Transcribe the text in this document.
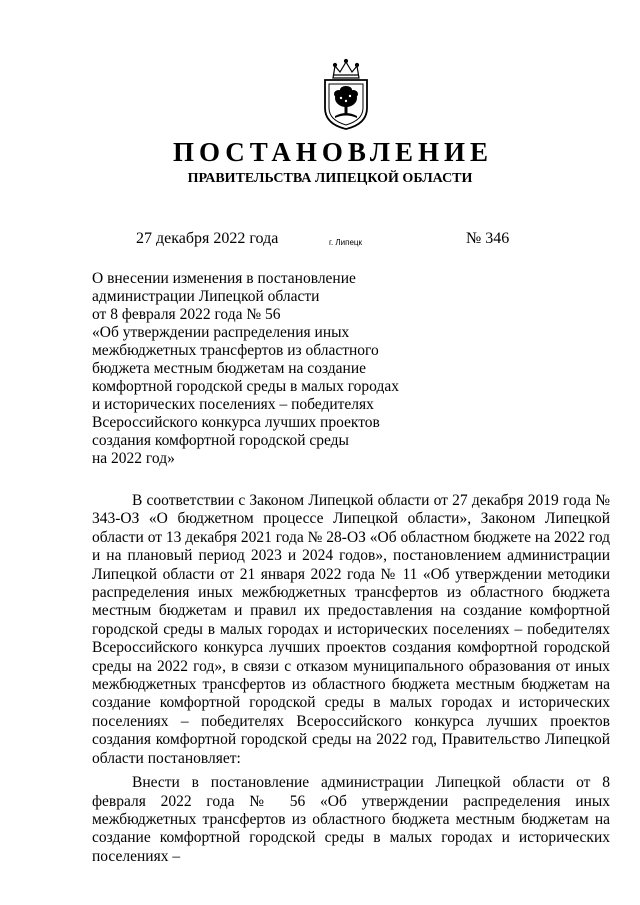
ПОСТАНОВЛЕНИЕ
ПРАВИТЕЛЬСТВА ЛИПЕЦКОЙ ОБЛАСТИ
27 декабря 2022 года	г. Липецк	№ 346
О внесении изменения в постановление
администрации Липецкой области
от 8 февраля 2022 года № 56
«Об утверждении распределения иных
межбюджетных трансфертов из областного
бюджета местным бюджетам на создание
комфортной городской среды в малых городах
и исторических поселениях – победителях
Всероссийского конкурса лучших проектов
создания комфортной городской среды
на 2022 год»

В соответствии с Законом Липецкой области от 27 декабря 2019 года № 343-ОЗ «О бюджетном процессе Липецкой области», Законом Липецкой области от 13 декабря 2021 года № 28-ОЗ «Об областном бюджете на 2022 год и на плановый период 2023 и 2024 годов», постановлением администрации Липецкой области от 21 января 2022 года № 11 «Об утверждении методики распределения иных межбюджетных трансфертов из областного бюджета местным бюджетам и правил их предоставления на создание комфортной городской среды в малых городах и исторических поселениях – победителях Всероссийского конкурса лучших проектов создания комфортной городской среды на 2022 год», в связи с отказом муниципального образования от иных межбюджетных трансфертов из областного бюджета местным бюджетам на создание комфортной городской среды в малых городах и исторических поселениях – победителях Всероссийского конкурса лучших проектов создания комфортной городской среды на 2022 год, Правительство Липецкой области постановляет:

Внести в постановление администрации Липецкой области от 8 февраля 2022 года № 56 «Об утверждении распределения иных межбюджетных трансфертов из областного бюджета местным бюджетам на создание комфортной городской среды в малых городах и исторических поселениях –
